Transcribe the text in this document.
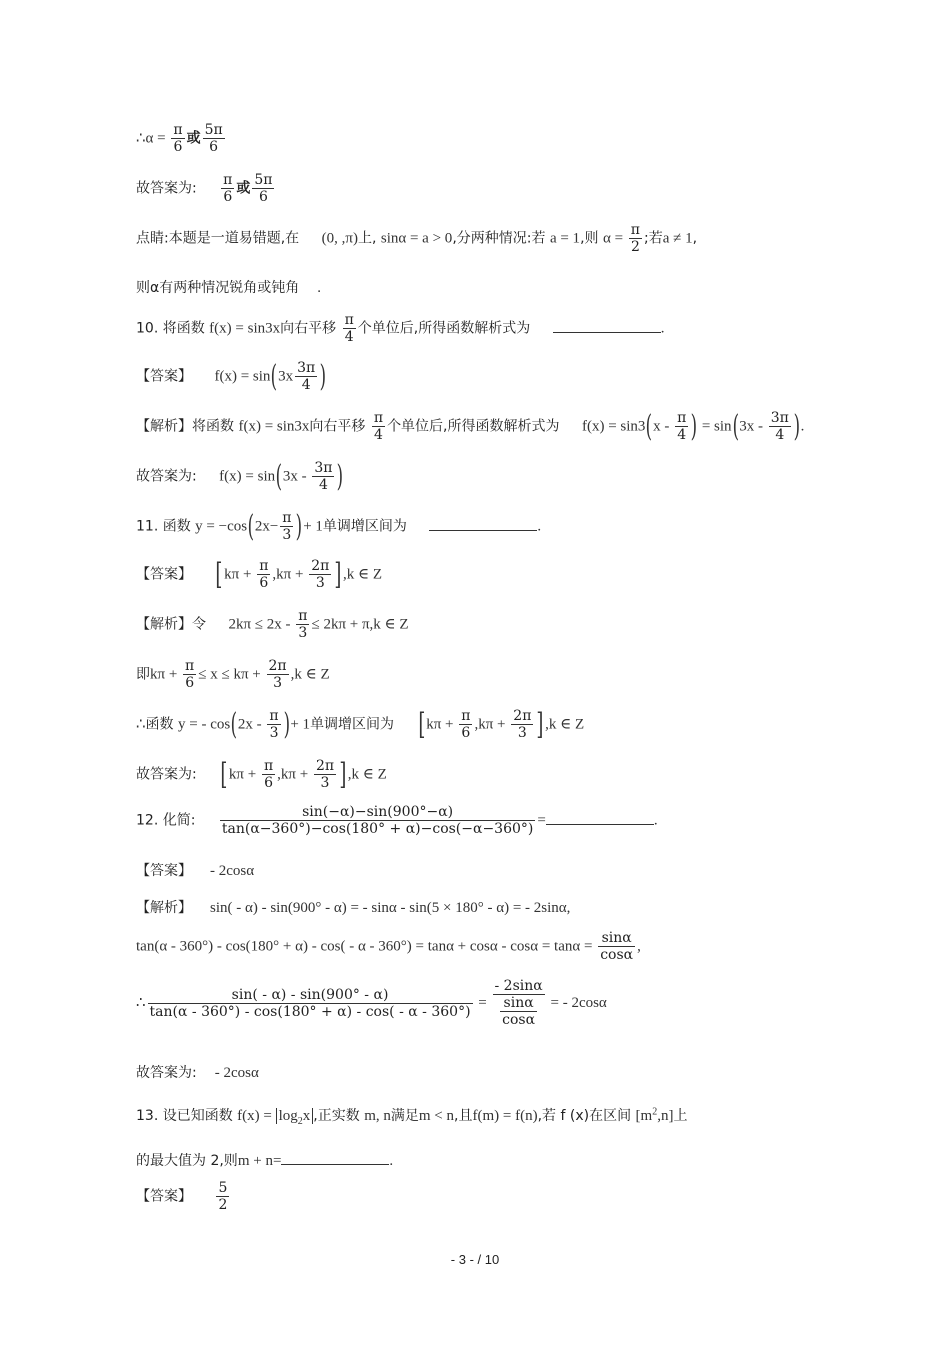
∴α = $\frac{\pi}{6}$ 或 $\frac{5\pi}{6}$
故答案为: $\frac{\pi}{6}$ 或 $\frac{5\pi}{6}$
点睛:本题是一道易错题,在 (0, ,π)上, sinα = a > 0,分两种情况:若 a = 1,则 $\alpha = \frac{\pi}{2}$ ;若a ≠ 1,
则α有两种情况锐角或钝角 .
10. 将函数 f(x) = sin3x向右平移 $\frac{\pi}{4}$ 个单位后,所得函数解析式为	.
【答案】 $f(x) = \sin(3x \frac{3\pi}{4}$ )
【解析】将函数 f(x) = sin3x向右平移 $\frac{\pi}{4}$ 个单位后,所得函数解析式为 $f(x) = \sin 3(x - \frac{\pi}{4}$ ) = $\sin(3x - \frac{3\pi}{4}$ ).
故答案为: $f(x) = \sin(3x - \frac{3\pi}{4}$ )
11. 函数 $y = -\cos(2x- \frac{\pi}{3}$ )+ 1单调增区间为	.
【答案】 $[k\pi + \frac{\pi}{6} ,k\pi + \frac{2\pi}{3} ],k$ ∈ Z
【解析】令 $2k\pi \le 2x - \frac{\pi}{3} \le 2k\pi + \pi,k$ ∈ Z
即$k\pi + \frac{\pi}{6} \le x \le k\pi + \frac{2\pi}{3} ,k$ ∈ Z
∴函数 y = - $\cos(2x - \frac{\pi}{3}$ )+ 1单调增区间为 $[k\pi + \frac{\pi}{6} ,k\pi + \frac{2\pi}{3} ],k$ ∈ Z
故答案为: $[k\pi + \frac{\pi}{6} ,k\pi + \frac{2\pi}{3} ],k$ ∈ Z
12. 化简: $\frac{\sin(-\alpha)-\sin(900^\circ-\alpha)}{\tan(\alpha-360^\circ)-\cos(180^\circ + \alpha)-\cos(-\alpha-360^\circ)}$ =	.
【答案】 - 2cosα
【解析】 sin( - α) - sin(900° - α) = - sinα - sin(5 × 180° - α) = - 2sinα,
$\tan(\alpha - 360^\circ) - \cos(180^\circ + \alpha) - \cos( - \alpha - 360^\circ) = \tan\alpha + \cos\alpha - \cos\alpha = \tan\alpha = \frac{\sin\alpha}{\cos\alpha}$ ,
∴ $\frac{\sin( - \alpha) - \sin(900^\circ - \alpha)}{\tan(\alpha - 360^\circ) - \cos(180^\circ + \alpha) - \cos( - \alpha - 360^\circ)} = \frac{- 2\sin\alpha}{\frac{\sin\alpha}{\cos\alpha}}$ = - 2cosα
故答案为: - 2cosα
13. 设已知函数 $f(x) = \log_2x$ ,正实数 m, n满足m < n,且f(m) = f(n),若 f (x)在区间 $[m^2,n]$上
的最大值为 2,则m + n=	.
【答案】 $\frac{5}{2}$
- 3 - / 10
